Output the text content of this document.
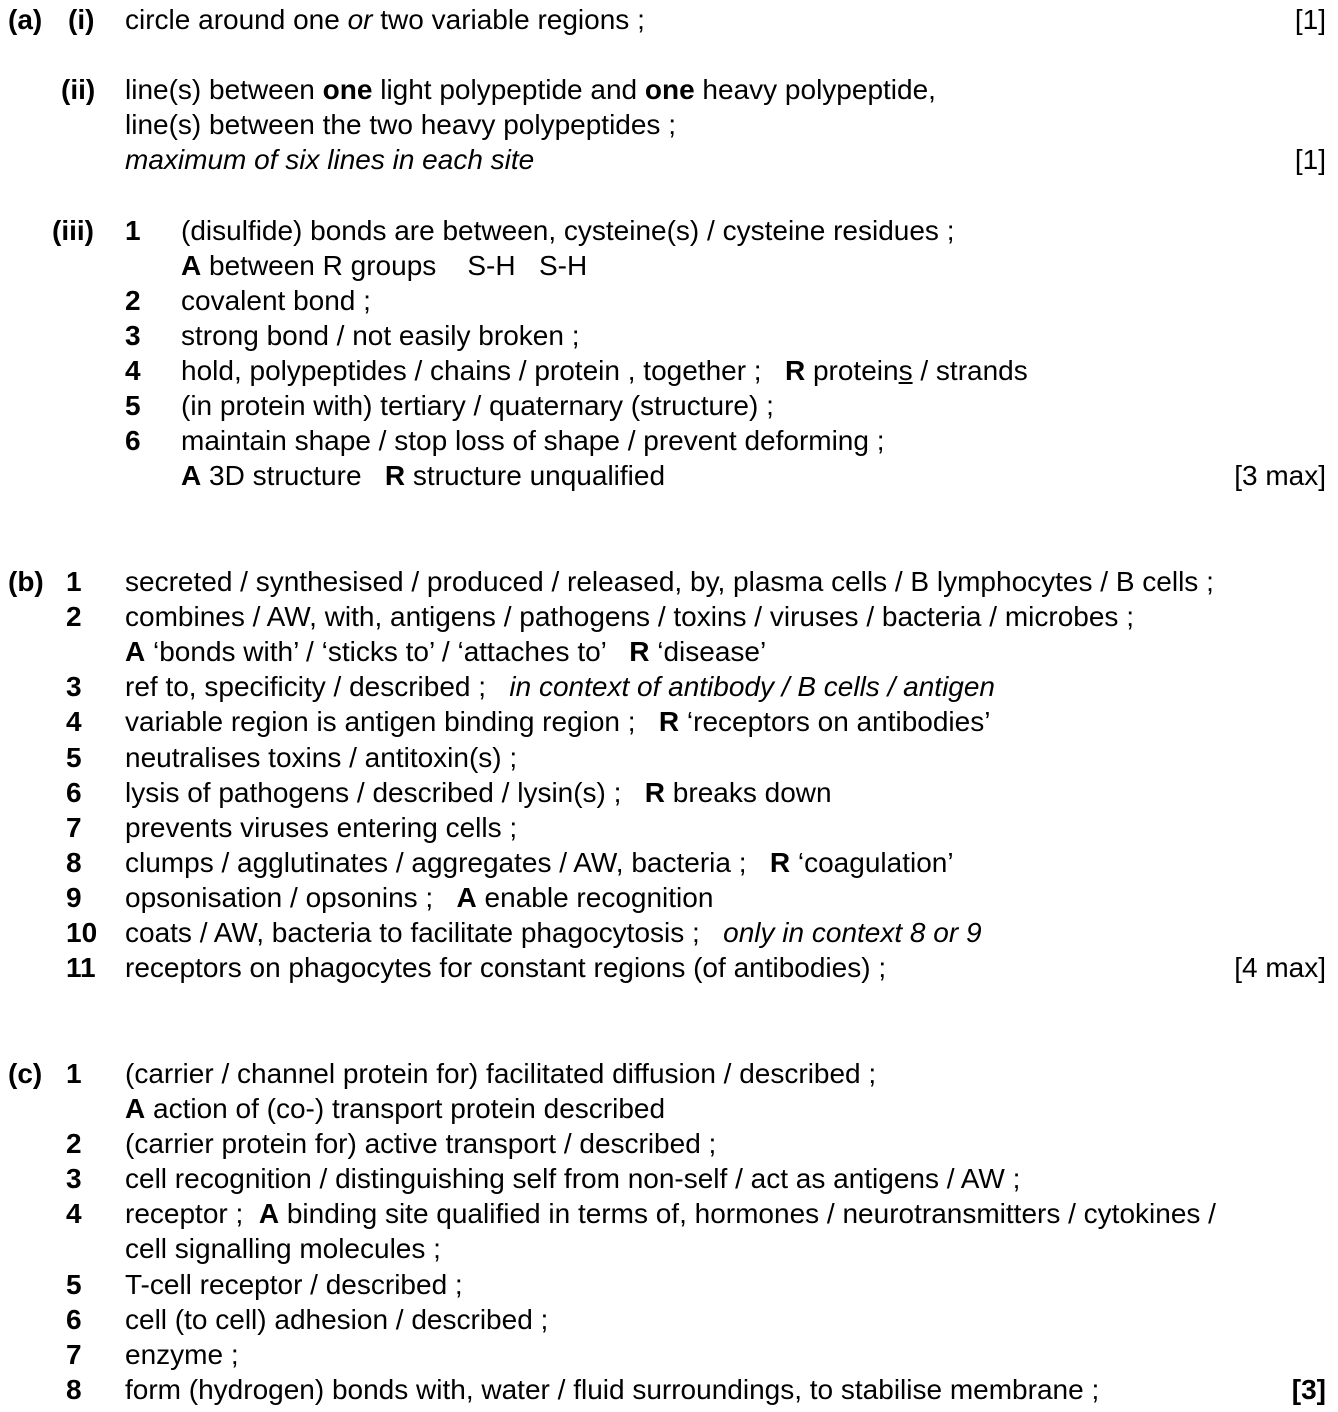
(a) (i) circle around one or two variable regions ;	[1]
(ii) line(s) between one light polypeptide and one heavy polypeptide,
line(s) between the two heavy polypeptides ;
maximum of six lines in each site	[1]
(iii) 1 (disulfide) bonds are between, cysteine(s) / cysteine residues ;
A between R groups    S-H   S-H
2 covalent bond ;
3 strong bond / not easily broken ;
4 hold, polypeptides / chains / protein , together ;   R proteins / strands
5 (in protein with) tertiary / quaternary (structure) ;
6 maintain shape / stop loss of shape / prevent deforming ;
A 3D structure   R structure unqualified	[3 max]
(b) 1 secreted / synthesised / produced / released, by, plasma cells / B lymphocytes / B cells ;
2 combines / AW, with, antigens / pathogens / toxins / viruses / bacteria / microbes ;
A ‘bonds with’ / ‘sticks to’ / ‘attaches to’   R ‘disease’
3 ref to, specificity / described ;   in context of antibody / B cells / antigen
4 variable region is antigen binding region ;   R ‘receptors on antibodies’
5 neutralises toxins / antitoxin(s) ;
6 lysis of pathogens / described / lysin(s) ;   R breaks down
7 prevents viruses entering cells ;
8 clumps / agglutinates / aggregates / AW, bacteria ;   R ‘coagulation’
9 opsonisation / opsonins ;   A enable recognition
10 coats / AW, bacteria to facilitate phagocytosis ;   only in context 8 or 9
11 receptors on phagocytes for constant regions (of antibodies) ;	[4 max]
(c) 1 (carrier / channel protein for) facilitated diffusion / described ;
A action of (co-) transport protein described
2 (carrier protein for) active transport / described ;
3 cell recognition / distinguishing self from non-self / act as antigens / AW ;
4 receptor ;  A binding site qualified in terms of, hormones / neurotransmitters / cytokines /
cell signalling molecules ;
5 T-cell receptor / described ;
6 cell (to cell) adhesion / described ;
7 enzyme ;
8 form (hydrogen) bonds with, water / fluid surroundings, to stabilise membrane ;	[3]
